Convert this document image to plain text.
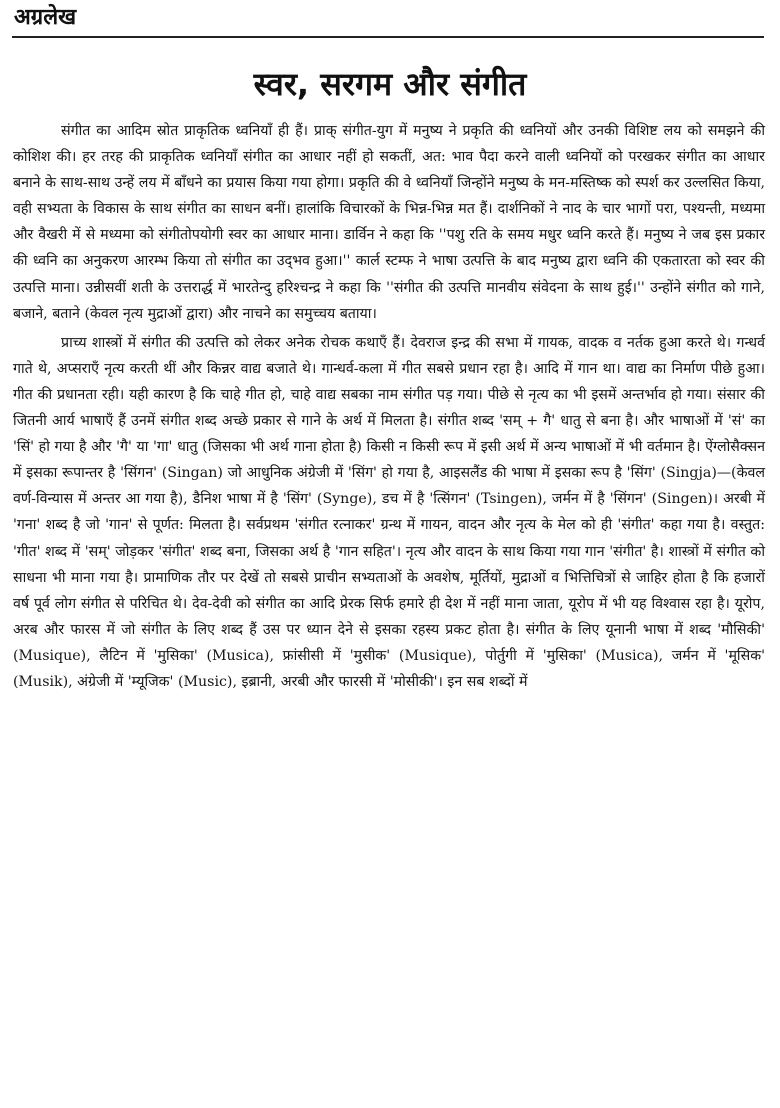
अग्रलेख
स्वर, सरगम और संगीत

संगीत का आदिम स्रोत प्राकृतिक ध्वनियाँ ही हैं। प्राक् संगीत-युग में मनुष्य ने प्रकृति की ध्वनियों और उनकी विशिष्ट लय को समझने की कोशिश की। हर तरह की प्राकृतिक ध्वनियाँ संगीत का आधार नहीं हो सकतीं, अत: भाव पैदा करने वाली ध्वनियों को परखकर संगीत का आधार बनाने के साथ-साथ उन्हें लय में बाँधने का प्रयास किया गया होगा। प्रकृति की वे ध्वनियाँ जिन्होंने मनुष्य के मन-मस्तिष्क को स्पर्श कर उल्लसित किया, वही सभ्यता के विकास के साथ संगीत का साधन बनीं। हालांकि विचारकों के भिन्न-भिन्न मत हैं। दार्शनिकों ने नाद के चार भागों परा, पश्यन्ती, मध्यमा और वैखरी में से मध्यमा को संगीतोपयोगी स्वर का आधार माना। डार्विन ने कहा कि ''पशु रति के समय मधुर ध्वनि करते हैं। मनुष्य ने जब इस प्रकार की ध्वनि का अनुकरण आरम्भ किया तो संगीत का उद्‌भव हुआ।'' कार्ल स्टम्फ ने भाषा उत्पत्ति के बाद मनुष्य द्वारा ध्वनि की एकतारता को स्वर की उत्पत्ति माना। उन्नीसवीं शती के उत्तरार्द्ध में भारतेन्दु हरिश्चन्द्र ने कहा कि ''संगीत की उत्पत्ति मानवीय संवेदना के साथ हुई।'' उन्होंने संगीत को गाने, बजाने, बताने (केवल नृत्य मुद्राओं द्वारा) और नाचने का समुच्चय बताया।

प्राच्य शास्त्रों में संगीत की उत्पत्ति को लेकर अनेक रोचक कथाएँ हैं। देवराज इन्द्र की सभा में गायक, वादक व नर्तक हुआ करते थे। गन्धर्व गाते थे, अप्सराएँ नृत्य करती थीं और किन्नर वाद्य बजाते थे। गान्धर्व-कला में गीत सबसे प्रधान रहा है। आदि में गान था। वाद्य का निर्माण पीछे हुआ। गीत की प्रधानता रही। यही कारण है कि चाहे गीत हो, चाहे वाद्य सबका नाम संगीत पड़ गया। पीछे से नृत्य का भी इसमें अन्तर्भाव हो गया। संसार की जितनी आर्य भाषाएँ हैं उनमें संगीत शब्द अच्छे प्रकार से गाने के अर्थ में मिलता है। संगीत शब्द 'सम् + गै' धातु से बना है। और भाषाओं में 'सं' का 'सिं' हो गया है और 'गै' या 'गा' धातु (जिसका भी अर्थ गाना होता है) किसी न किसी रूप में इसी अर्थ में अन्य भाषाओं में भी वर्तमान है। ऐंग्लोसैक्सन में इसका रूपान्तर है 'सिंगन' (Singan) जो आधुनिक अंग्रेजी में 'सिंग' हो गया है, आइसलैंड की भाषा में इसका रूप है 'सिंग' (Singja)—(केवल वर्ण-विन्यास में अन्तर आ गया है), डैनिश भाषा में है 'सिंग' (Synge), डच में है 'त्सिंगन' (Tsingen), जर्मन में है 'सिंगन' (Singen)। अरबी में 'गना' शब्द है जो 'गान' से पूर्णत: मिलता है। सर्वप्रथम 'संगीत रत्नाकर' ग्रन्थ में गायन, वादन और नृत्य के मेल को ही 'संगीत' कहा गया है। वस्तुत: 'गीत' शब्द में 'सम्' जोड़कर 'संगीत' शब्द बना, जिसका अर्थ है 'गान सहित'। नृत्य और वादन के साथ किया गया गान 'संगीत' है। शास्त्रों में संगीत को साधना भी माना गया है। प्रामाणिक तौर पर देखें तो सबसे प्राचीन सभ्यताओं के अवशेष, मूर्तियों, मुद्राओं व भित्तिचित्रों से जाहिर होता है कि हजारों वर्ष पूर्व लोग संगीत से परिचित थे। देव-देवी को संगीत का आदि प्रेरक सिर्फ हमारे ही देश में नहीं माना जाता, यूरोप में भी यह विश्वास रहा है। यूरोप, अरब और फारस में जो संगीत के लिए शब्द हैं उस पर ध्यान देने से इसका रहस्य प्रकट होता है। संगीत के लिए यूनानी भाषा में शब्द 'मौसिकी' (Musique), लैटिन में 'मुसिका' (Musica), फ्रांसीसी में 'मुसीक' (Musique), पोर्तुगी में 'मुसिका' (Musica), जर्मन में 'मूसिक' (Musik), अंग्रेजी में 'म्यूजिक' (Music), इब्रानी, अरबी और फारसी में 'मोसीकी'। इन सब शब्दों में
